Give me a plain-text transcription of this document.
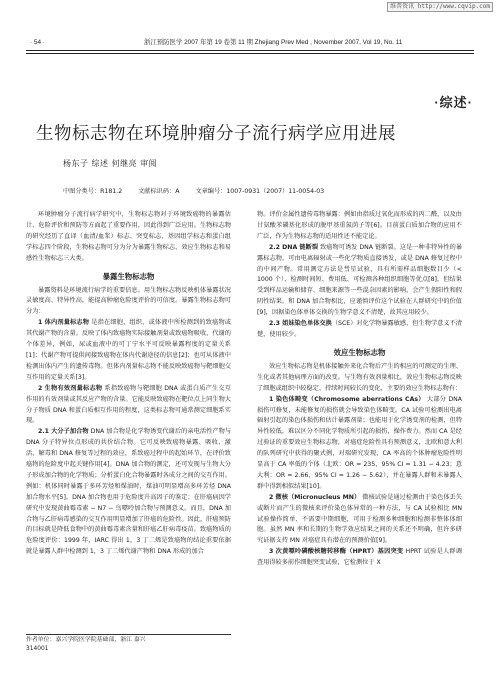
维普资讯 http://www.cqvip.com
· 54 ·	浙江预防医学 2007 年第 19 卷第 11 期 Zhejiang Prev Med , November 2007, Vol 19, No. 11
·综述·
生物标志物在环境肿瘤分子流行病学应用进展
杨东子 综述 何继亮 审阅
中图分类号：R181.2	文献标识码：A	文章编号：1007-0931（2007）11-0054-03

环境肿瘤分子流行病学研究中，生物标志物对于环境致癌物的暴露估计、危险评价和预防等方面起了重要作用，因此得到广泛应用。生物标志物的研究经历了直译（血清/血浆）标志、突变标志、基因组学标志和蛋白组学标志四个阶段，生物标志物可分为分为暴露生物标志、效应生物标志和易感性生物标志三大类。

暴露生物标志物

暴露资料是环境流行病学的重要信息。用生物标志物反映机体暴露状况灵敏度高、特异性高，能提高肿瘤危险度评价的可信度。暴露生物标志物可分为：

1 体内剂量标志物 是指在细胞、组织、或体液中所检测到的致癌物或其代谢产物的含量。反映了体内致癌物实际接触剂量或致癌物吸收、代谢的个体差异，例如，尿或血液中的可丁宁水平可反映暴露程度的定量关系[1]；代谢产物可提供间接致癌物在体内代谢途径的信息[2]；也可从体液中检测出体内产生的遗传毒物。但体内剂量标志物不能反映致癌物与靶细胞交互作用的定量关系[3]。

2 生物有效剂量标志物 系指致癌物与靶细胞 DNA 或蛋白质产生交互作用的有效剂量或其反应产物的含量。它能反映致癌物在靶位点上同生物大分子物质 DNA 和蛋白质相互作用的程度，这类标志物可通常测定细胞系实现。

2.1 大分子加合物 DNA 加合物是化学物诱变代谢后的亲电活性产物与 DNA 分子特异位点形成的共价结合物。它可反映致癌物暴露、吸收、激活、解毒和 DNA 修复等过程的效应，系致癌过程中的起始环节，在评价致癌物的危险度中起关键作用[4]。DNA 加合物的测定，还可发现与生物大分子形成加合物的化学物质；分析蛋白化合物暴露时各成分之间的交互作用。例如：机体同时暴露于多环芳烃和煤油时，煤油可明显增高多环芳烃 DNA 加合物水平[5]。DNA 加合物也用于危险度升高因子的鉴定；在肝癌病因学研究中发现黄曲霉毒素 − N7 − 鸟嘌呤加合物与预测意义。而且，DNA 加合物与乙肝病毒感染的交互作用明显增加了肝癌的危险性。因此，肝癌预防的目标就是降低食物中的黄曲霉毒素含量和肝癌乙肝病毒疫苗。致癌物质的危险度评价：1999 年，IARC 得出 1，3 丁二烯是致癌物的结论重要依据就是暴露人群中检测到 1，3 丁二烯代谢产物和 DNA 形成的加合

作者单位：嘉兴学院医学院基础部，浙江 嘉兴
314001

物。评价金属性遗传毒物暴露：例如由指质过氧化而形成的丙二醛，以及由甘氨酸苯磷基化形成的脱甲基重氮荫子等[6]。目前蛋白质加合物的应用不广泛，作为生物标志物的适用性还不能定论。

2.2 DNA 链断裂 致癌物可诱发 DNA 链断裂。这是一种非特异性的暴露标志物，可由电离辐射或一些化学物质直接诱发，或是 DNA 修复过程中的中间产物。常用测定方法是彗星试验，具有所需样品细胞数目少（< 1000 个）、检测时间短、费用低、可检测各种组织细胞等优点[8]，但结果受到样品运输和储存、细胞来源等一些混杂因素的影响，会产生假阳性和假阴性结果。和 DNA 加合物相比，应谨慎评价这个试验在人群研究中的价值[9]，因据染色体单体交换的生物学意义不清楚，故其应用较少。

2.3 姐妹染色单体交换（SCE）对化学物暴露敏感，但生物学意义不清楚，使用较少。

效应生物标志物

效应生物标志物是机体接触外来化合物后产生的相应的可测定的生理、生化或者其他病理方面的改变。与生物有效剂量相比，效应生物标志物反映了细胞或组织中较稳定、持续时间较长的变化，主要的效应生物标志物有：

1 染色体畸变（Chromosome aberrations CAs） 大部分 DNA 损伤可修复，未能修复的损伤就会导致染色体畸变。CA 试验可检测出电离辐射引起的染色体损伤和估计暴露剂量；也能用于化学诱变剂的检测，但特异性较低，难以区分不同化学物质所引起的损伤，操作费力。然而 CA 是经过验证的重要效应生物标志物，对癌症危险性具有预测意义，北欧和意大利的队列研究中获得的聚式例，对瑞研究发现，CA 率高的个体肿瘤危险性明显高于 CA 率低的个体（北欧：OR = 235，95% CI = 1.31 − 4.23；意大利：OR = 2.66，95% CI = 1.26 − 5.62），并在暴露人群和未暴露人群中得到相似结果[10]。

2 微核（Micronucleus MN） 微核试验是通过检测由于染色体丢失或断片而产生的微核来评价染色体异常的一种方法，与 CA 试验相比 MN 试验操作简单、不需要中期细胞，可用于检测多种细胞和检测非整体体细胞。虽然 MN 率和长期的生物学效应结果之间的关系还不明确，但许多研究证据支持 MN 对癌症具有潜在的预测价值[9]。

3 次黄嘌呤磷酸核糖转移酶（HPRT）基因突变 HPRT 试验是人群调查用得较多前作细胞突变试验，它检测位于 X
